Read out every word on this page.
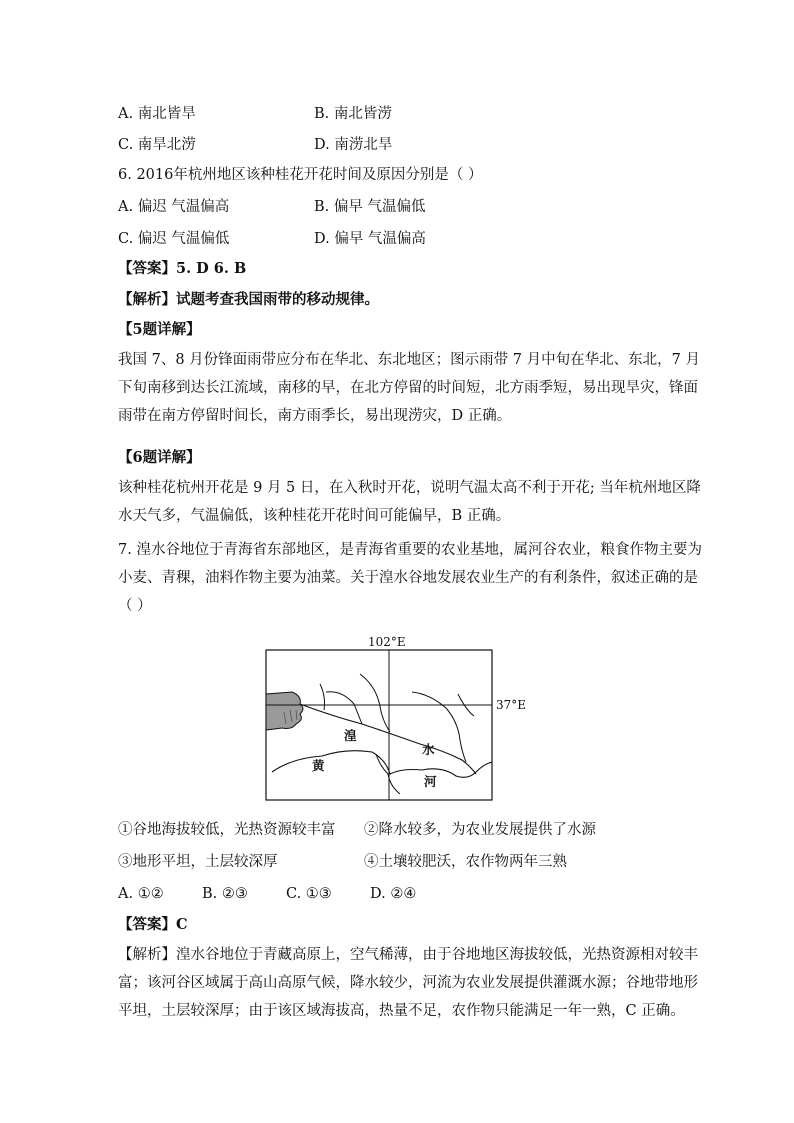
A. 南北皆旱	B. 南北皆涝
C. 南旱北涝	D. 南涝北旱
6. 2016年杭州地区该种桂花开花时间及原因分别是（ ）
A. 偏迟 气温偏高	B. 偏早 气温偏低
C. 偏迟 气温偏低	D. 偏早 气温偏高
【答案】5. D 6. B
【解析】试题考查我国雨带的移动规律。
【5题详解】
我国 7、8 月份锋面雨带应分布在华北、东北地区；图示雨带 7 月中旬在华北、东北，7 月
下旬南移到达长江流域，南移的早，在北方停留的时间短，北方雨季短，易出现旱灾，锋面
雨带在南方停留时间长，南方雨季长，易出现涝灾，D 正确。
【6题详解】
该种桂花杭州开花是 9 月 5 日，在入秋时开花，说明气温太高不利于开花; 当年杭州地区降
水天气多，气温偏低，该种桂花开花时间可能偏早，B 正确。
7. 湟水谷地位于青海省东部地区，是青海省重要的农业基地，属河谷农业，粮食作物主要为
小麦、青稞，油料作物主要为油菜。关于湟水谷地发展农业生产的有利条件，叙述正确的是
（ ）
102°E
37°E
湟
水
黄
河
①谷地海拔较低，光热资源较丰富 ②降水较多，为农业发展提供了水源
③地形平坦，土层较深厚	④土壤较肥沃，农作物两年三熟
A. ①②	B. ②③	C. ①③	D. ②④
【答案】C
【解析】湟水谷地位于青藏高原上，空气稀薄，由于谷地地区海拔较低，光热资源相对较丰
富；该河谷区域属于高山高原气候，降水较少，河流为农业发展提供灌溉水源；谷地带地形
平坦，土层较深厚；由于该区域海拔高，热量不足，农作物只能满足一年一熟，C 正确。
